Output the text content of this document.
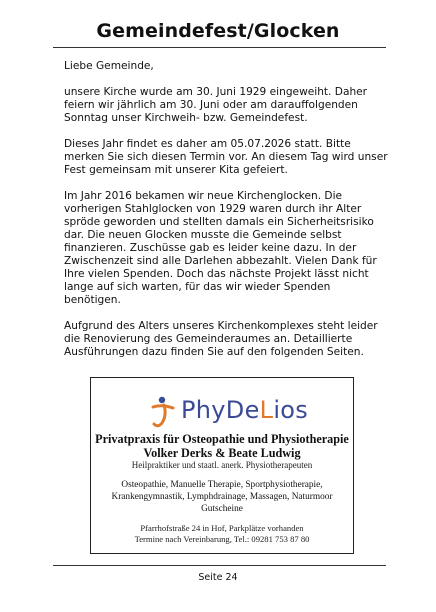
Gemeindefest/Glocken

Liebe Gemeinde,

unsere Kirche wurde am 30. Juni 1929 eingeweiht. Daher feiern wir jährlich am 30. Juni oder am darauffolgenden Sonntag unser Kirchweih- bzw. Gemeindefest.

Dieses Jahr findet es daher am 05.07.2026 statt. Bitte merken Sie sich diesen Termin vor. An diesem Tag wird unser Fest gemeinsam mit unserer Kita gefeiert.

Im Jahr 2016 bekamen wir neue Kirchenglocken. Die vorherigen Stahlglocken von 1929 waren durch ihr Alter spröde geworden und stellten damals ein Sicherheitsrisiko dar. Die neuen Glocken musste die Gemeinde selbst finanzieren. Zuschüsse gab es leider keine dazu. In der Zwischenzeit sind alle Darlehen abbezahlt. Vielen Dank für Ihre vielen Spenden. Doch das nächste Projekt lässt nicht lange auf sich warten, für das wir wieder Spenden benötigen.

Aufgrund des Alters unseres Kirchenkomplexes steht leider die Renovierung des Gemeinderaumes an. Detaillierte Ausführungen dazu finden Sie auf den folgenden Seiten.

PhyDeLios

Privatpraxis für Osteopathie und Physiotherapie

Volker Derks & Beate Ludwig

Heilpraktiker und staatl. anerk. Physiotherapeuten

Osteopathie, Manuelle Therapie, Sportphysiotherapie,
Krankengymnastik, Lymphdrainage, Massagen, Naturmoor
Gutscheine

Pfarrhofstraße 24 in Hof, Parkplätze vorhanden

Termine nach Vereinbarung, Tel.: 09281 753 87 80

Seite 24
